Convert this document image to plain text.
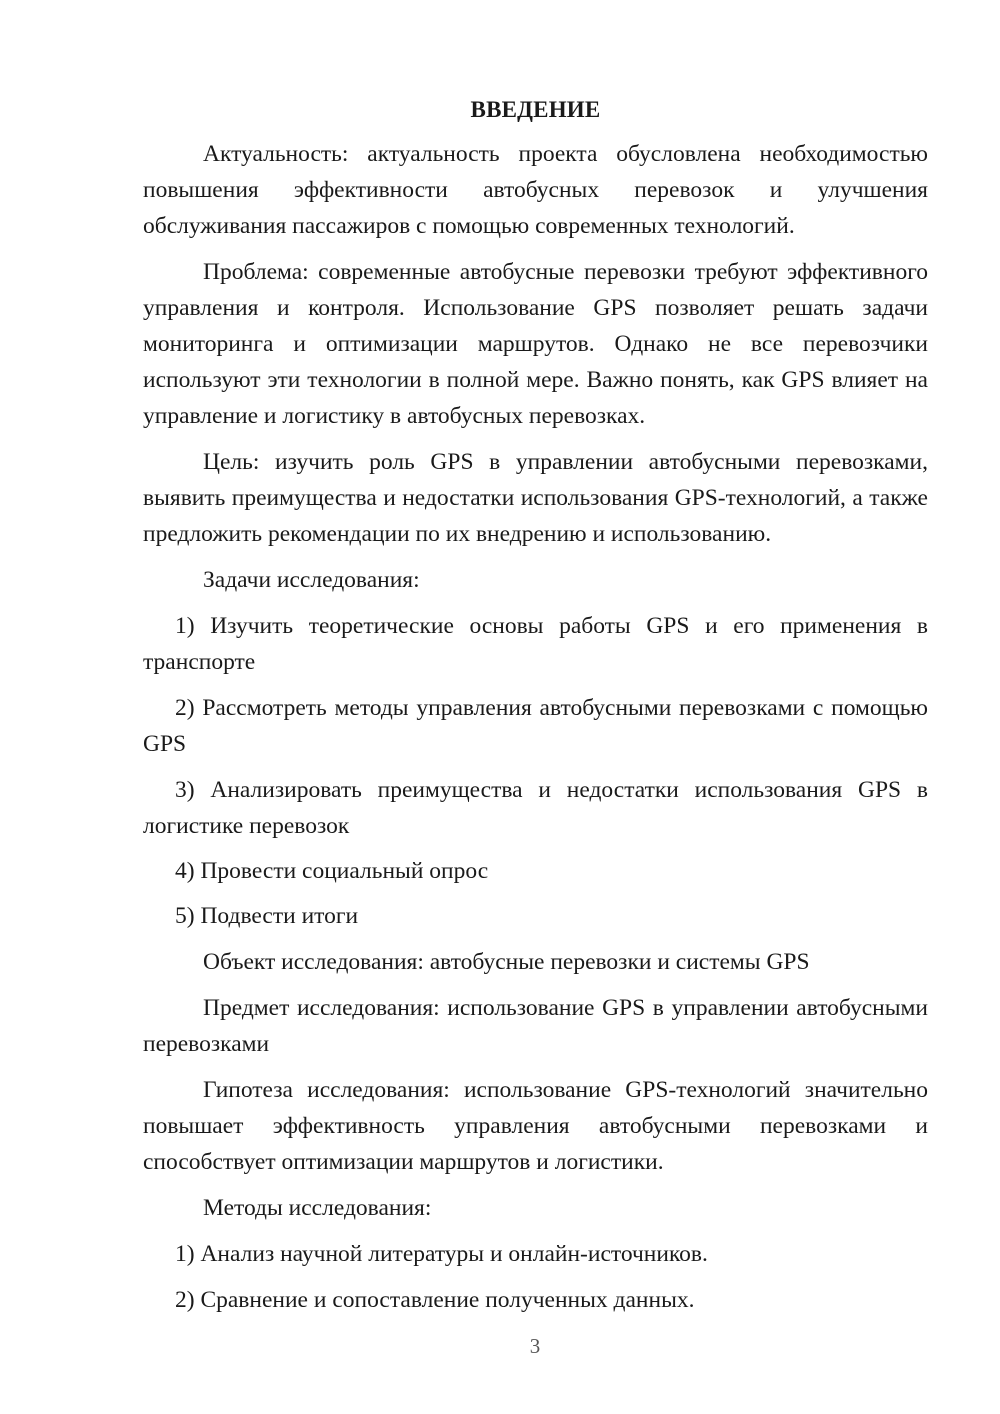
ВВЕДЕНИЕ

Актуальность: актуальность проекта обусловлена необходимостью повышения эффективности автобусных перевозок и улучшения обслуживания пассажиров с помощью современных технологий.

Проблема: современные автобусные перевозки требуют эффективного управления и контроля. Использование GPS позволяет решать задачи мониторинга и оптимизации маршрутов. Однако не все перевозчики используют эти технологии в полной мере. Важно понять, как GPS влияет на управление и логистику в автобусных перевозках.

Цель: изучить роль GPS в управлении автобусными перевозками, выявить преимущества и недостатки использования GPS-технологий, а также предложить рекомендации по их внедрению и использованию.

Задачи исследования:

1) Изучить теоретические основы работы GPS и его применения в транспорте

2) Рассмотреть методы управления автобусными перевозками с помощью GPS

3) Анализировать преимущества и недостатки использования GPS в логистике перевозок

4) Провести социальный опрос

5) Подвести итоги

Объект исследования: автобусные перевозки и системы GPS

Предмет исследования: использование GPS в управлении автобусными перевозками

Гипотеза исследования: использование GPS-технологий значительно повышает эффективность управления автобусными перевозками и способствует оптимизации маршрутов и логистики.

Методы исследования:

1) Анализ научной литературы и онлайн-источников.

2) Сравнение и сопоставление полученных данных.

3
